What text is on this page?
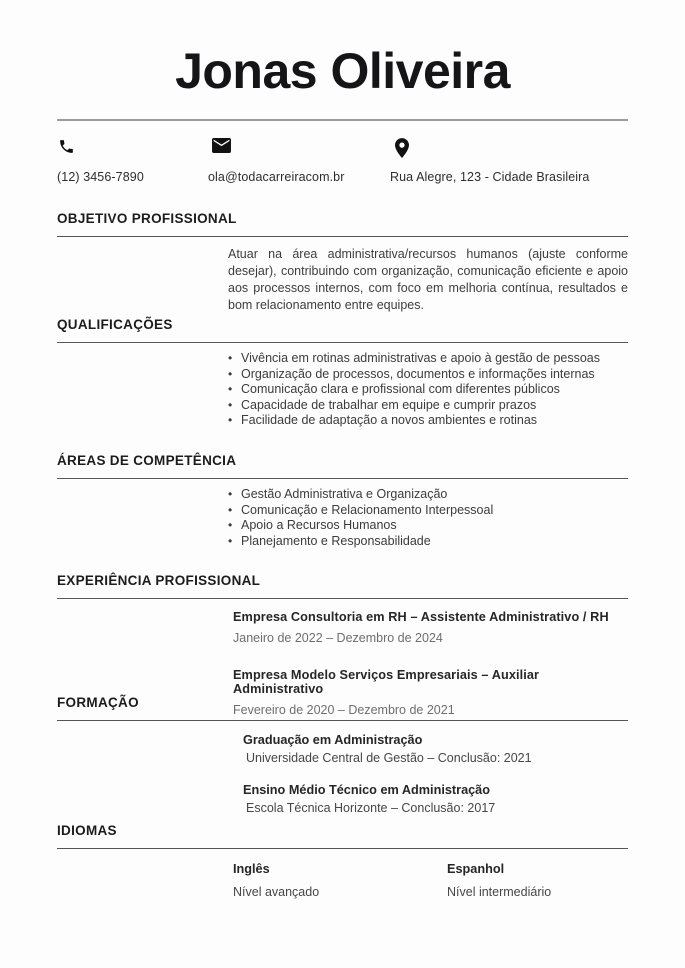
Jonas Oliveira
(12) 3456-7890	ola@todacarreiracom.br	Rua Alegre, 123 - Cidade Brasileira
OBJETIVO PROFISSIONAL

Atuar na área administrativa/recursos humanos (ajuste conforme desejar), contribuindo com organização, comunicação eficiente e apoio aos processos internos, com foco em melhoria contínua, resultados e bom relacionamento entre equipes.

QUALIFICAÇÕES
• Vivência em rotinas administrativas e apoio à gestão de pessoas
• Organização de processos, documentos e informações internas
• Comunicação clara e profissional com diferentes públicos
• Capacidade de trabalhar em equipe e cumprir prazos
• Facilidade de adaptação a novos ambientes e rotinas
ÁREAS DE COMPETÊNCIA
• Gestão Administrativa e Organização
• Comunicação e Relacionamento Interpessoal
• Apoio a Recursos Humanos
• Planejamento e Responsabilidade
EXPERIÊNCIA PROFISSIONAL
Empresa Consultoria em RH – Assistente Administrativo / RH
Janeiro de 2022 – Dezembro de 2024
Empresa Modelo Serviços Empresariais – Auxiliar Administrativo
Fevereiro de 2020 – Dezembro de 2021
FORMAÇÃO
Graduação em Administração
Universidade Central de Gestão – Conclusão: 2021
Ensino Médio Técnico em Administração
Escola Técnica Horizonte – Conclusão: 2017
IDIOMAS
Inglês
Nível avançado
Espanhol
Nível intermediário
